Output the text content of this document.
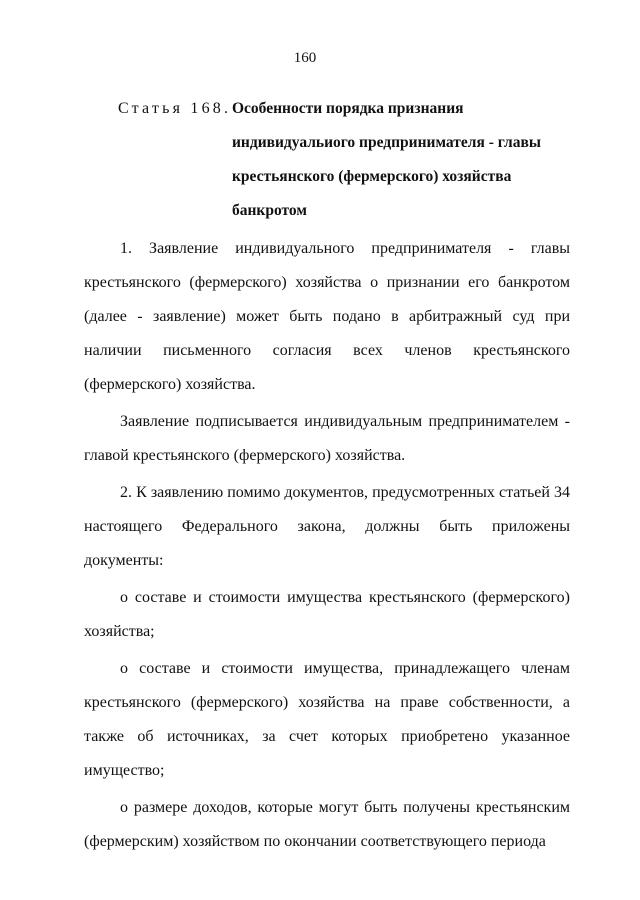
160
Статья 168. Особенности порядка признания индивидуальиого предпринимателя - главы крестьянского (фермерского) хозяйства банкротом

1. Заявление индивидуального предпринимателя - главы крестьянского (фермерского) хозяйства о признании его банкротом (далее - заявление) может быть подано в арбитражный суд при наличии письменного согласия всех членов крестьянского (фермерского) хозяйства.

Заявление подписывается индивидуальным предпринимателем - главой крестьянского (фермерского) хозяйства.

2. К заявлению помимо документов, предусмотренных статьей 34 настоящего Федерального закона, должны быть приложены документы:

о составе и стоимости имущества крестьянского (фермерского) хозяйства;

о составе и стоимости имущества, принадлежащего членам крестьянского (фермерского) хозяйства на праве собственности, а также об источниках, за счет которых приобретено указанное имущество;

о размере доходов, которые могут быть получены крестьянским (фермерским) хозяйством по окончании соответствующего периода
